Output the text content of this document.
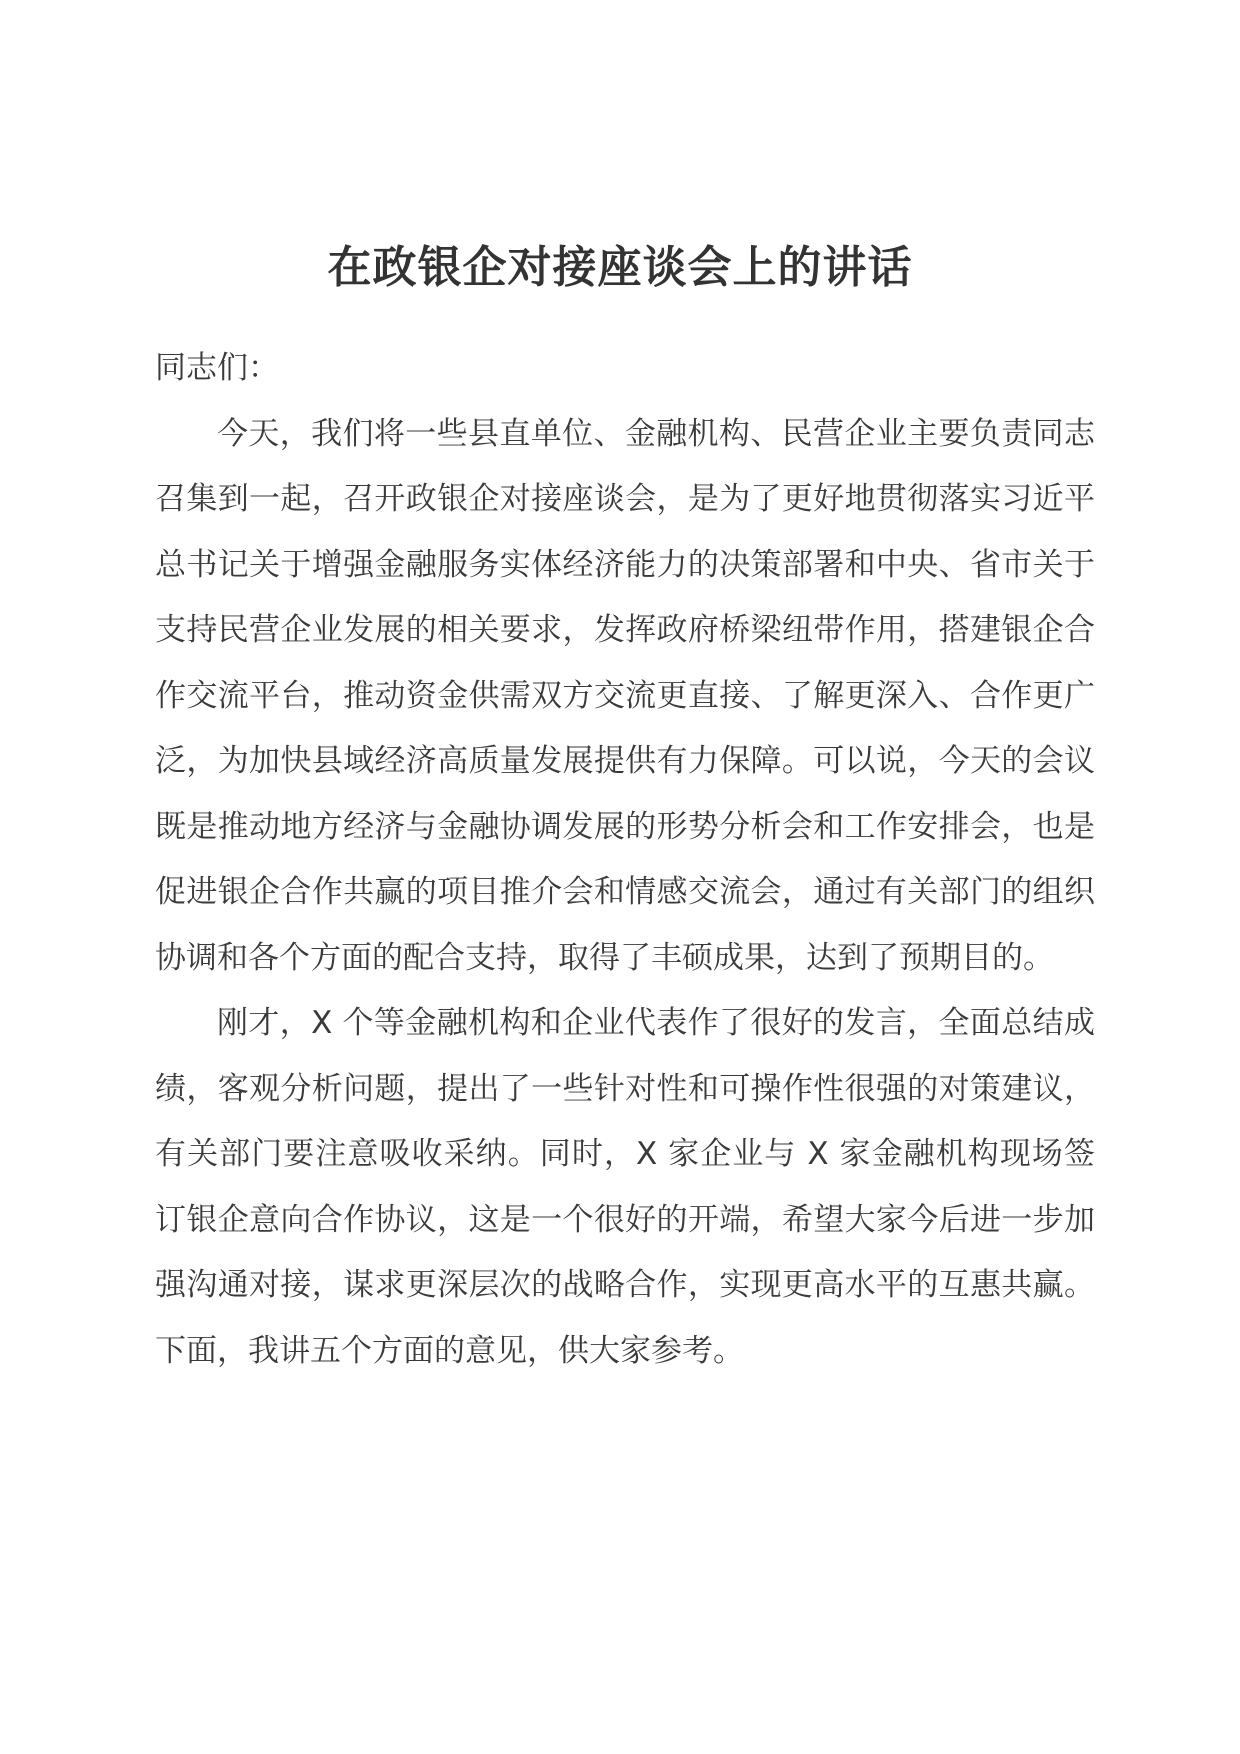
在政银企对接座谈会上的讲话

同志们：

今天，我们将一些县直单位、金融机构、民营企业主要负责同志召集到一起，召开政银企对接座谈会，是为了更好地贯彻落实习近平总书记关于增强金融服务实体经济能力的决策部署和中央、省市关于支持民营企业发展的相关要求，发挥政府桥梁纽带作用，搭建银企合作交流平台，推动资金供需双方交流更直接、了解更深入、合作更广泛，为加快县域经济高质量发展提供有力保障。可以说，今天的会议既是推动地方经济与金融协调发展的形势分析会和工作安排会，也是促进银企合作共赢的项目推介会和情感交流会，通过有关部门的组织协调和各个方面的配合支持，取得了丰硕成果，达到了预期目的。

刚才，X 个等金融机构和企业代表作了很好的发言，全面总结成绩，客观分析问题，提出了一些针对性和可操作性很强的对策建议，有关部门要注意吸收采纳。同时，X 家企业与 X 家金融机构现场签订银企意向合作协议，这是一个很好的开端，希望大家今后进一步加强沟通对接，谋求更深层次的战略合作，实现更高水平的互惠共赢。下面，我讲五个方面的意见，供大家参考。
